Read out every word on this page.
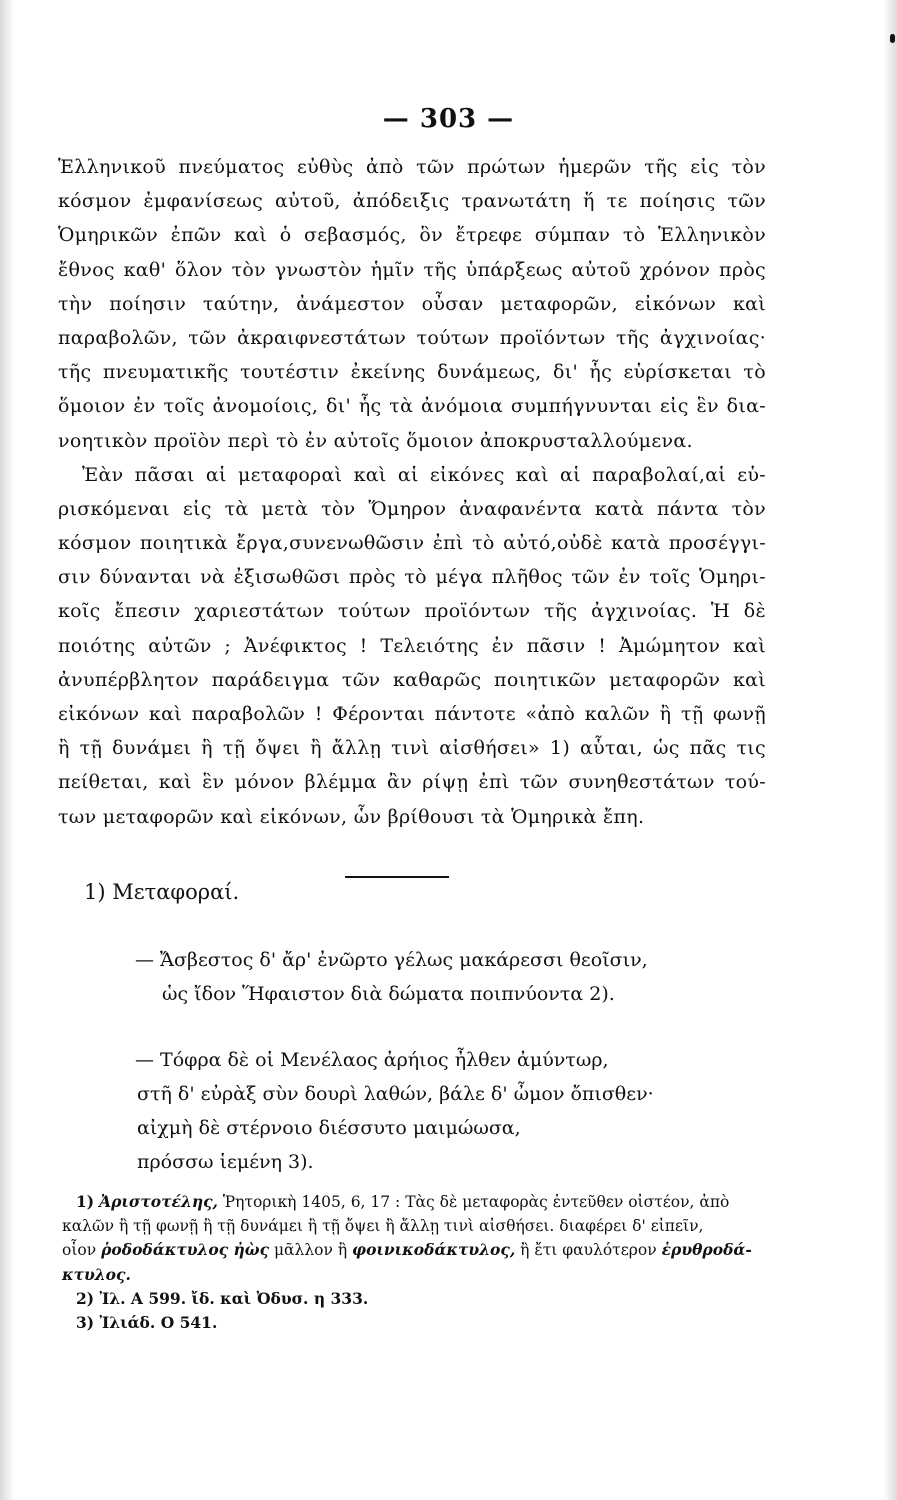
— 303 —
Ἑλληνικοῦ πνεύματος εὐθὺς ἀπὸ τῶν πρώτων ἡμερῶν τῆς εἰς τὸν
κόσμον ἐμφανίσεως αὐτοῦ, ἀπόδειξις τρανωτάτη ἥ τε ποίησις τῶν
Ὁμηρικῶν ἐπῶν καὶ ὁ σεβασμός, ὃν ἔτρεφε σύμπαν τὸ Ἑλληνικὸν
ἔθνος καθ' ὅλον τὸν γνωστὸν ἡμῖν τῆς ὑπάρξεως αὐτοῦ χρόνον πρὸς
τὴν ποίησιν ταύτην, ἀνάμεστον οὖσαν μεταφορῶν, εἰκόνων καὶ
παραβολῶν, τῶν ἀκραιφνεστάτων τούτων προϊόντων τῆς ἀγχινοίας·
τῆς πνευματικῆς τουτέστιν ἐκείνης δυνάμεως, δι' ἧς εὑρίσκεται τὸ
ὅμοιον ἐν τοῖς ἀνομοίοις, δι' ἧς τὰ ἀνόμοια συμπήγνυνται εἰς ἓν δια-
νοητικὸν προϊὸν περὶ τὸ ἐν αὐτοῖς ὅμοιον ἀποκρυσταλλούμενα.
Ἐὰν πᾶσαι αἱ μεταφοραὶ καὶ αἱ εἰκόνες καὶ αἱ παραβολαί,αἱ εὑ-
ρισκόμεναι εἰς τὰ μετὰ τὸν Ὅμηρον ἀναφανέντα κατὰ πάντα τὸν
κόσμον ποιητικὰ ἔργα,συνενωθῶσιν ἐπὶ τὸ αὐτό,οὐδὲ κατὰ προσέγγι-
σιν δύνανται νὰ ἐξισωθῶσι πρὸς τὸ μέγα πλῆθος τῶν ἐν τοῖς Ὁμηρι-
κοῖς ἔπεσιν χαριεστάτων τούτων προϊόντων τῆς ἀγχινοίας. Ἡ δὲ
ποιότης αὐτῶν ; Ἀνέφικτος ! Τελειότης ἐν πᾶσιν ! Ἀμώμητον καὶ
ἀνυπέρβλητον παράδειγμα τῶν καθαρῶς ποιητικῶν μεταφορῶν καὶ
εἰκόνων καὶ παραβολῶν ! Φέρονται πάντοτε «ἀπὸ καλῶν ἢ τῇ φωνῇ
ἢ τῇ δυνάμει ἢ τῇ ὄψει ἢ ἄλλῃ τινὶ αἰσθήσει» 1) αὗται, ὡς πᾶς τις
πείθεται, καὶ ἓν μόνον βλέμμα ἂν ρίψῃ ἐπὶ τῶν συνηθεστάτων τού-
των μεταφορῶν καὶ εἰκόνων, ὧν βρίθουσι τὰ Ὁμηρικὰ ἔπη.
1) Μεταφοραί.
— Ἄσβεστος δ' ἄρ' ἐνῶρτο γέλως μακάρεσσι θεοῖσιν,
ὡς ἴδον Ἥφαιστον διὰ δώματα ποιπνύοντα 2).
— Τόφρα δὲ οἱ Μενέλαος ἀρήιος ἦλθεν ἀμύντωρ,
στῆ δ' εὐρὰξ σὺν δουρὶ λαθών, βάλε δ' ὦμον ὄπισθεν·
αἰχμὴ δὲ στέρνοιο διέσσυτο μαιμώωσα,
πρόσσω ἱεμένη 3).
1) Ἀριστοτέλης, Ῥητορικὴ 1405, 6, 17 : Τὰς δὲ μεταφορὰς ἐντεῦθεν οἰστέον, ἀπὸ
καλῶν ἢ τῇ φωνῇ ἢ τῇ δυνάμει ἢ τῇ ὄψει ἢ ἄλλῃ τινὶ αἰσθήσει. διαφέρει δ' εἰπεῖν,
οἷον ῥοδοδάκτυλος ἠὼς μᾶλλον ἢ φοινικοδάκτυλος, ἢ ἔτι φαυλότερον ἐρυθροδά-
κτυλος.
2) Ἰλ. Α 599. ἴδ. καὶ Ὀδυσ. η 333.
3) Ἰλιάδ. Ο 541.
